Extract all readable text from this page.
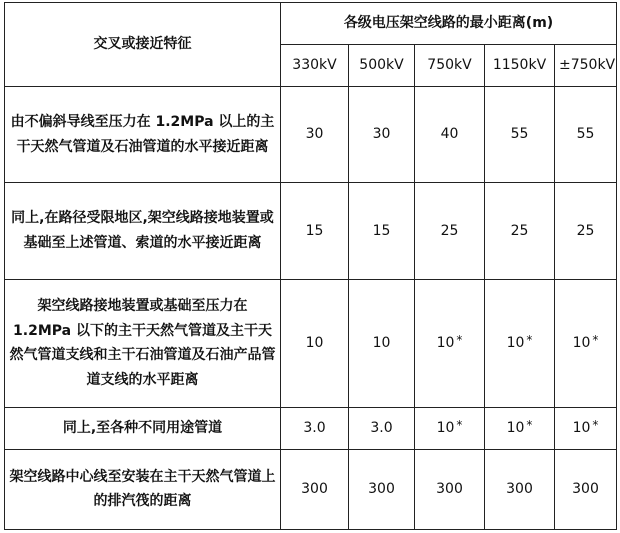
交叉或接近特征	各级电压架空线路的最小距离(m)				
	330kV	500kV	750kV	1150kV	±750kV
由不偏斜导线至压力在 1.2MPa 以上的主干天然气管道及石油管道的水平接近距离	30	30	40	55	55
同上,在路径受限地区,架空线路接地装置或基础至上述管道、索道的水平接近距离	15	15	25	25	25
架空线路接地装置或基础至压力在 1.2MPa 以下的主干天然气管道及主干天然气管道支线和主干石油管道及石油产品管道支线的水平距离	10	10	10 *	10 *	10 *
同上,至各种不同用途管道	3.0	3.0	10 *	10 *	10 *
架空线路中心线至安装在主干天然气管道上的排汽筏的距离	300	300	300	300	300
